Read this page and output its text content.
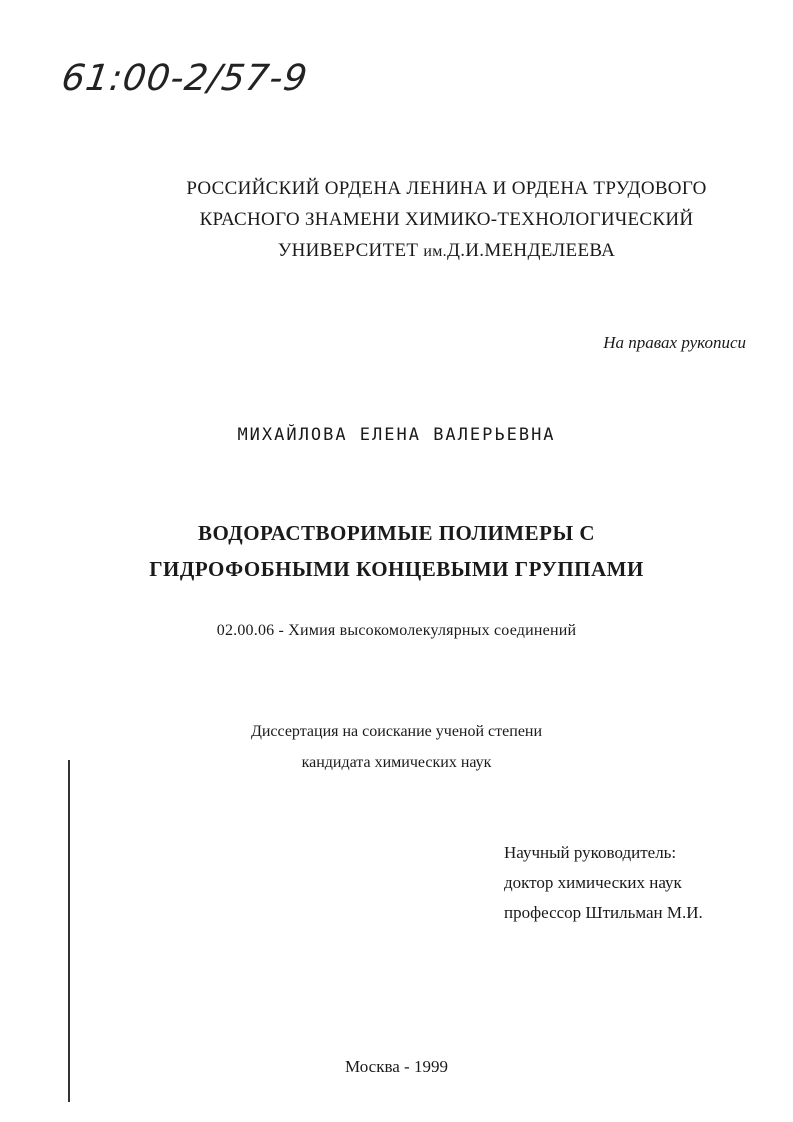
61:00-2/57-9
РОССИЙСКИЙ ОРДЕНА ЛЕНИНА И ОРДЕНА ТРУДОВОГО
КРАСНОГО ЗНАМЕНИ ХИМИКО-ТЕХНОЛОГИЧЕСКИЙ
УНИВЕРСИТЕТ им.Д.И.МЕНДЕЛЕЕВА
На правах рукописи
МИХАЙЛОВА ЕЛЕНА ВАЛЕРЬЕВНА
ВОДОРАСТВОРИМЫЕ ПОЛИМЕРЫ С
ГИДРОФОБНЫМИ КОНЦЕВЫМИ ГРУППАМИ
02.00.06 - Химия высокомолекулярных соединений
Диссертация на соискание ученой степени
кандидата химических наук
Научный руководитель:
доктор химических наук
профессор Штильман М.И.
Москва - 1999
